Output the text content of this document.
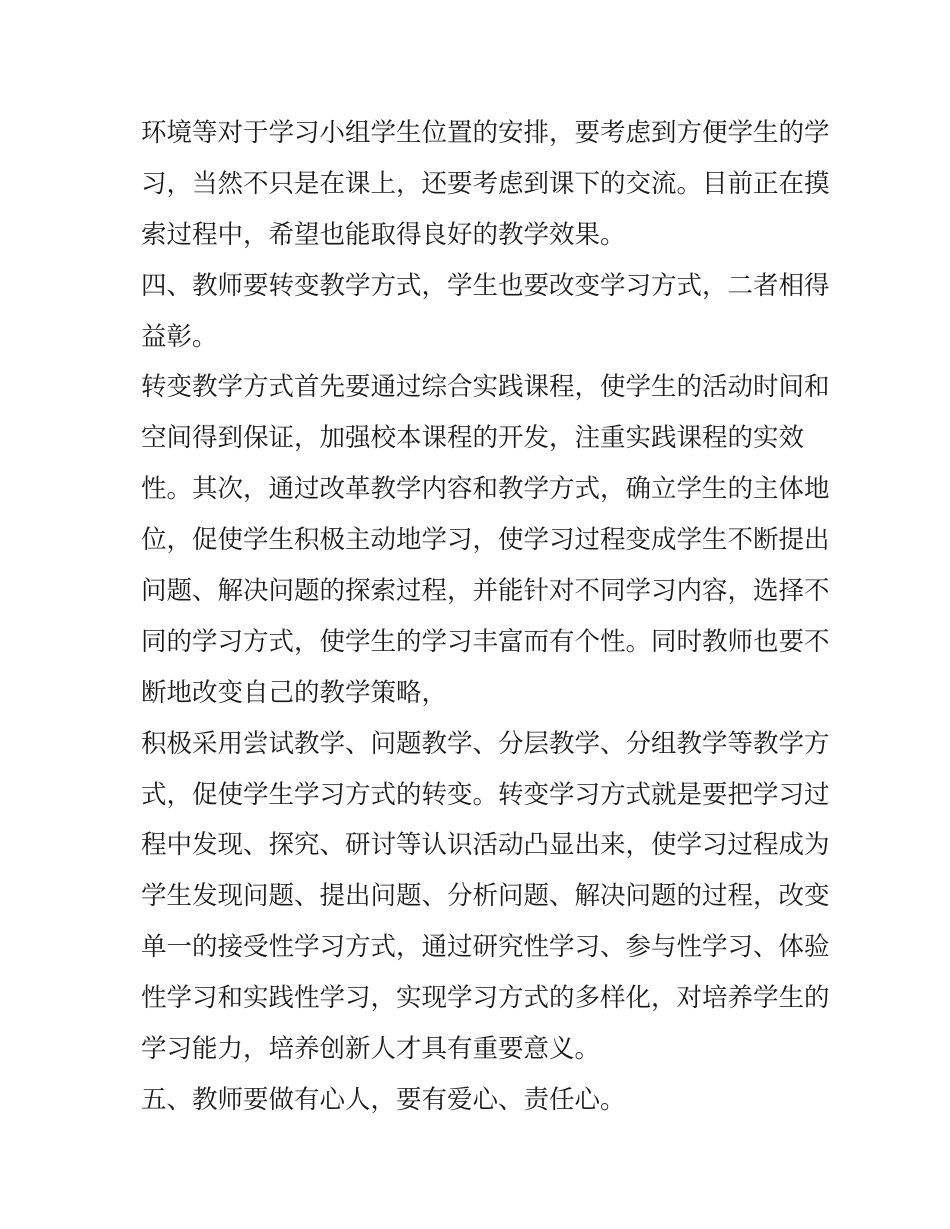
环境等对于学习小组学生位置的安排，要考虑到方便学生的学
习，当然不只是在课上，还要考虑到课下的交流。目前正在摸
索过程中，希望也能取得良好的教学效果。
四、教师要转变教学方式，学生也要改变学习方式，二者相得
益彰。
转变教学方式首先要通过综合实践课程，使学生的活动时间和
空间得到保证，加强校本课程的开发，注重实践课程的实效
性。其次，通过改革教学内容和教学方式，确立学生的主体地
位，促使学生积极主动地学习，使学习过程变成学生不断提出
问题、解决问题的探索过程，并能针对不同学习内容，选择不
同的学习方式，使学生的学习丰富而有个性。同时教师也要不
断地改变自己的教学策略，
积极采用尝试教学、问题教学、分层教学、分组教学等教学方
式，促使学生学习方式的转变。转变学习方式就是要把学习过
程中发现、探究、研讨等认识活动凸显出来，使学习过程成为
学生发现问题、提出问题、分析问题、解决问题的过程，改变
单一的接受性学习方式，通过研究性学习、参与性学习、体验
性学习和实践性学习，实现学习方式的多样化，对培养学生的
学习能力，培养创新人才具有重要意义。
五、教师要做有心人，要有爱心、责任心。
